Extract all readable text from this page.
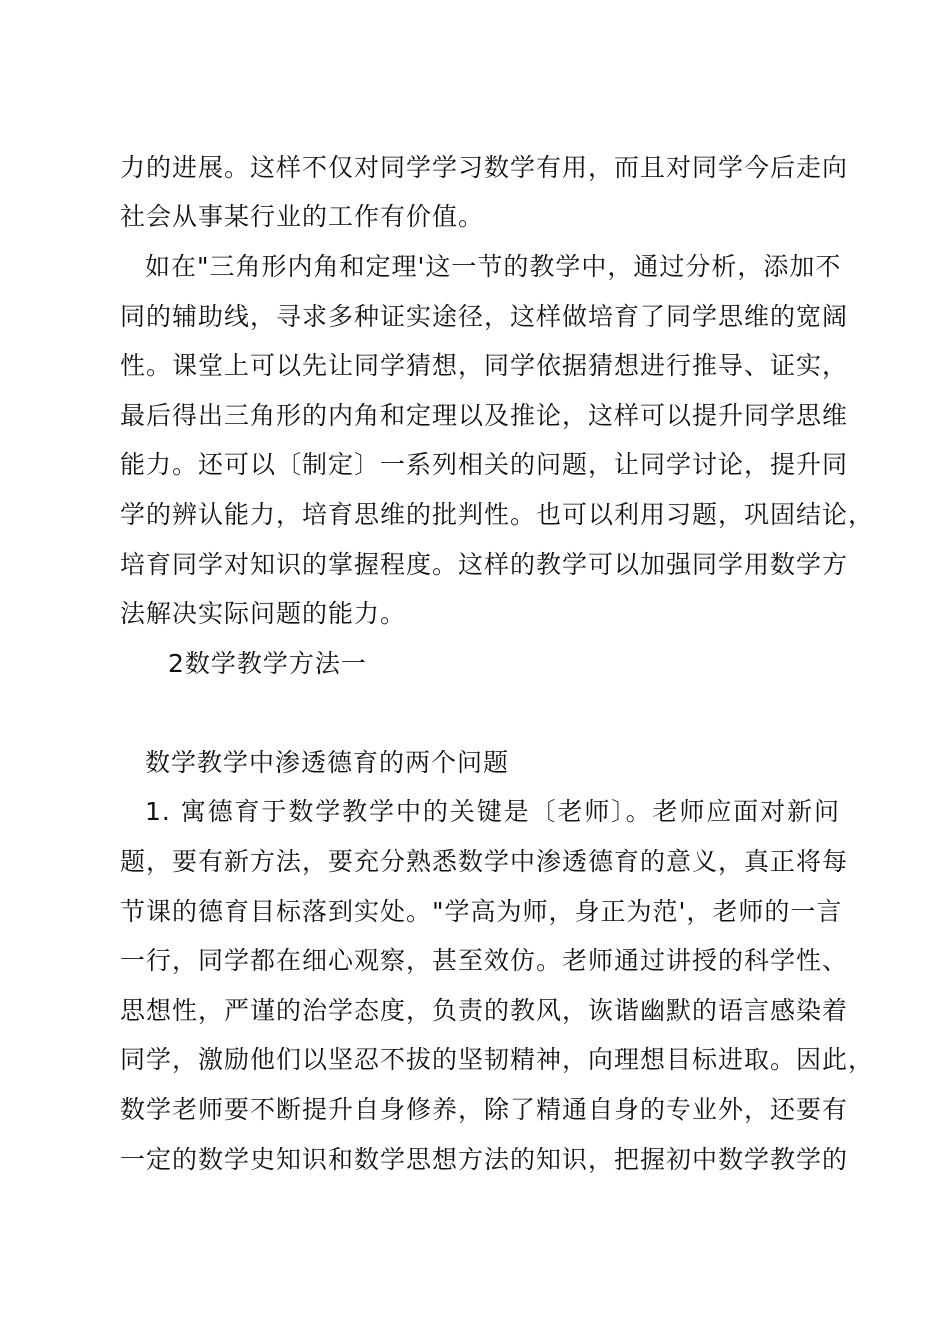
力的进展。这样不仅对同学学习数学有用，而且对同学今后走向
社会从事某行业的工作有价值。
如在"三角形内角和定理'这一节的教学中，通过分析，添加不
同的辅助线，寻求多种证实途径，这样做培育了同学思维的宽阔
性。课堂上可以先让同学猜想，同学依据猜想进行推导、证实，
最后得出三角形的内角和定理以及推论，这样可以提升同学思维
能力。还可以〔制定〕一系列相关的问题，让同学讨论，提升同
学的辨认能力，培育思维的批判性。也可以利用习题，巩固结论，
培育同学对知识的掌握程度。这样的教学可以加强同学用数学方
法解决实际问题的能力。
2数学教学方法一
数学教学中渗透德育的两个问题
1. 寓德育于数学教学中的关键是〔老师〕。老师应面对新问
题，要有新方法，要充分熟悉数学中渗透德育的意义，真正将每
节课的德育目标落到实处。"学高为师，身正为范'，老师的一言
一行，同学都在细心观察，甚至效仿。老师通过讲授的科学性、
思想性，严谨的治学态度，负责的教风，诙谐幽默的语言感染着
同学，激励他们以坚忍不拔的坚韧精神，向理想目标进取。因此，
数学老师要不断提升自身修养，除了精通自身的专业外，还要有
一定的数学史知识和数学思想方法的知识，把握初中数学教学的
